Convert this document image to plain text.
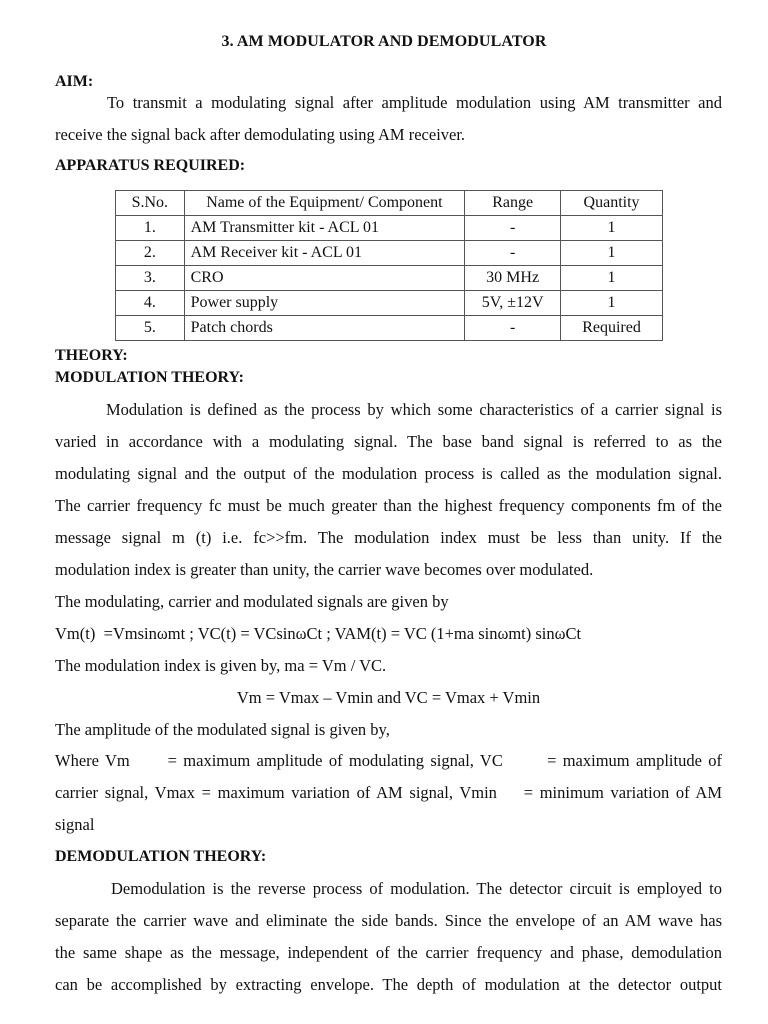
3. AM MODULATOR AND DEMODULATOR
AIM:
To transmit a modulating signal after amplitude modulation using AM transmitter and
receive the signal back after demodulating using AM receiver.
APPARATUS REQUIRED:
S.No.	Name of the Equipment/ Component	Range	Quantity
1.	AM Transmitter kit - ACL 01	-	1
2.	AM Receiver kit - ACL 01	-	1
3.	CRO	30 MHz	1
4.	Power supply	5V, ±12V	1
5.	Patch chords	-	Required
THEORY:
MODULATION THEORY:
Modulation is defined as the process by which some characteristics of a carrier signal is
varied in accordance with a modulating signal. The base band signal is referred to as the
modulating signal and the output of the modulation process is called as the modulation signal.
The carrier frequency fc must be much greater than the highest frequency components fm of the
message signal m (t) i.e. fc>>fm. The modulation index must be less than unity. If the
modulation index is greater than unity, the carrier wave becomes over modulated.
The modulating, carrier and modulated signals are given by
Vm(t)  =Vmsinωmt ; VC(t) = VCsinωCt ; VAM(t) = VC (1+ma sinωmt) sinωCt
The modulation index is given by, ma = Vm / VC.
Vm = Vmax – Vmin and VC = Vmax + Vmin
The amplitude of the modulated signal is given by,
Where Vm      = maximum amplitude of modulating signal, VC       = maximum amplitude of
carrier signal, Vmax = maximum variation of AM signal, Vmin    = minimum variation of AM
signal
DEMODULATION THEORY:
Demodulation is the reverse process of modulation. The detector circuit is employed to
separate the carrier wave and eliminate the side bands. Since the envelope of an AM wave has
the same shape as the message, independent of the carrier frequency and phase, demodulation
can be accomplished by extracting envelope. The depth of modulation at the detector output
